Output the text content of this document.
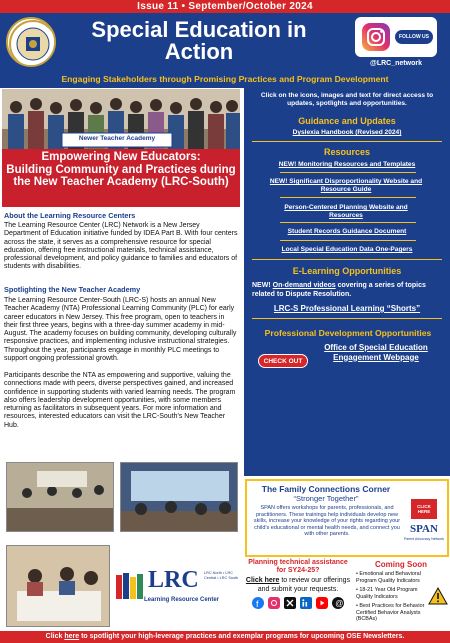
Issue 11 • September/October 2024
Special Education in Action
FOLLOW US
@LRC_network
Engaging Stakeholders through Promising Practices and Program Development
Newer Teacher Academy
Empowering New Educators:
Building Community and Practices during the New Teacher Academy (LRC-South)
About the Learning Resource Centers
The Learning Resource Center (LRC) Network is a New Jersey Department of Education initiative funded by IDEA Part B. With four centers across the state, it serves as a comprehensive resource for special education, offering free instructional materials, technical assistance, professional development, and policy guidance to families and educators of students with disabilities.
Spotlighting the New Teacher Academy
The Learning Resource Center-South (LRC-S) hosts an annual New Teacher Academy (NTA) Professional Learning Community (PLC) for early career educators in New Jersey. This free program, open to teachers in their first three years, begins with a three-day summer academy in mid-August. The academy focuses on building community, developing culturally responsive practices, and implementing inclusive instructional strategies. Throughout the year, participants engage in monthly PLC meetings to support ongoing professional growth.
Participants describe the NTA as empowering and supportive, valuing the connections made with peers, diverse perspectives gained, and increased confidence in supporting students with varied learning needs. The program also offers leadership development opportunities, with some members returning as facilitators in subsequent years. For more information and resources, interested educators can visit the LRC-South's New Teacher Hub.
LRC LRC North • LRC Central • LRC South
Learning Resource Center
Click on the icons, images and text for direct access to updates, spotlights and opportunities.
Guidance and Updates
Dyslexia Handbook (Revised 2024)
Resources
NEW! Monitoring Resources and Templates
NEW! Significant Disproportionality Website and Resource Guide
Person-Centered Planning Website and Resources
Student Records Guidance Document
Local Special Education Data One-Pagers
E-Learning Opportunities
NEW! On-demand videos covering a series of topics related to Dispute Resolution.
LRC-S Professional Learning “Shorts”
Professional Development Opportunities
CHECK OUT
Office of Special Education Engagement Webpage
The Family Connections Corner
“Stronger Together”
SPAN offers workshops for parents, professionals, and practitioners. These trainings help individuals develop new skills, increase your knowledge of your rights regarding your child's educational or mental health needs, and connect you with other parents.
CLICK HERE
SPAN
Parent Advocacy Network
Planning technical assistance for SY24-25?
Click here to review our offerings and submit your requests.
f	@
Coming Soon
• Emotional and Behavioral Program Quality Indicators
• 18-21 Year Old Program Quality Indicators
• Best Practices for Behavior Certified Behavior Analysts (BCBAs)
Click here to spotlight your high-leverage practices and exemplar programs for upcoming OSE Newsletters.
